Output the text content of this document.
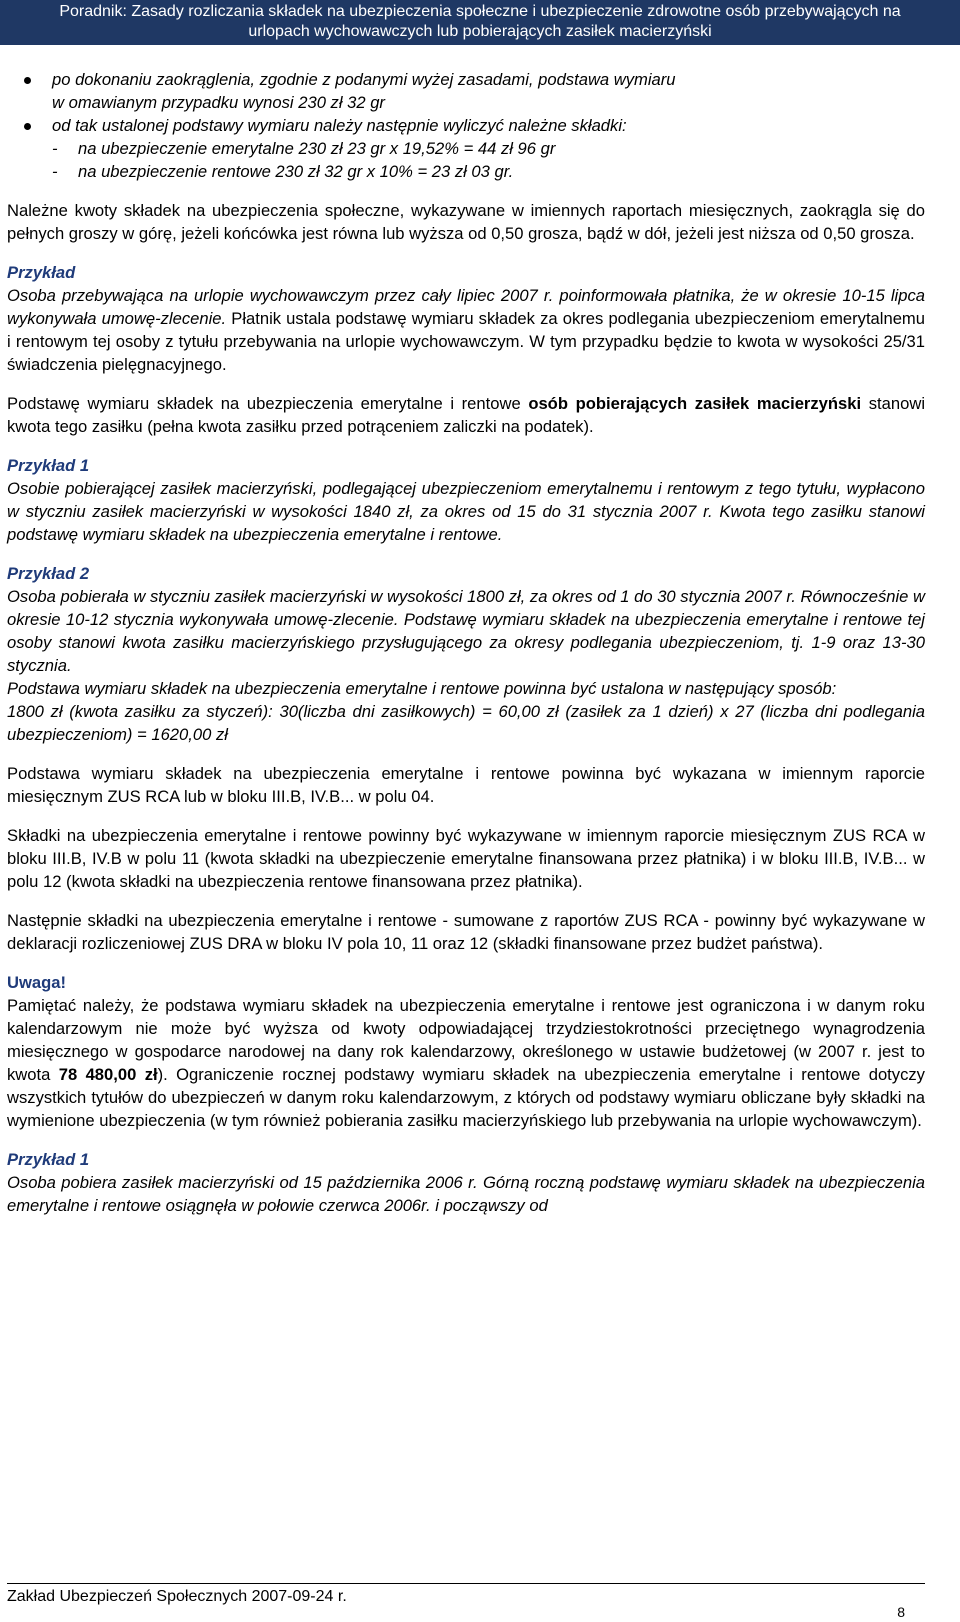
Poradnik: Zasady rozliczania składek na ubezpieczenia społeczne i ubezpieczenie zdrowotne osób przebywających na
urlopach wychowawczych lub pobierających zasiłek macierzyński
po dokonaniu zaokrąglenia, zgodnie z podanymi wyżej zasadami, podstawa wymiaru
w omawianym przypadku wynosi 230 zł 32 gr
od tak ustalonej podstawy wymiaru należy następnie wyliczyć należne składki:
- na ubezpieczenie emerytalne 230 zł 23 gr x 19,52% = 44 zł 96 gr
- na ubezpieczenie rentowe 230 zł 32 gr x 10% = 23 zł 03 gr.

Należne kwoty składek na ubezpieczenia społeczne, wykazywane w imiennych raportach miesięcznych, zaokrągla się do pełnych groszy w górę, jeżeli końcówka jest równa lub wyższa od 0,50 grosza, bądź w dół, jeżeli jest niższa od 0,50 grosza.

Przykład

Osoba przebywająca na urlopie wychowawczym przez cały lipiec 2007 r. poinformowała płatnika, że w okresie 10-15 lipca wykonywała umowę-zlecenie. Płatnik ustala podstawę wymiaru składek za okres podlegania ubezpieczeniom emerytalnemu i rentowym tej osoby z tytułu przebywania na urlopie wychowawczym. W tym przypadku będzie to kwota w wysokości 25/31 świadczenia pielęgnacyjnego.

Podstawę wymiaru składek na ubezpieczenia emerytalne i rentowe osób pobierających zasiłek macierzyński stanowi kwota tego zasiłku (pełna kwota zasiłku przed potrąceniem zaliczki na podatek).

Przykład 1

Osobie pobierającej zasiłek macierzyński, podlegającej ubezpieczeniom emerytalnemu i rentowym z tego tytułu, wypłacono w styczniu zasiłek macierzyński w wysokości 1840 zł, za okres od 15 do 31 stycznia 2007 r. Kwota tego zasiłku stanowi podstawę wymiaru składek na ubezpieczenia emerytalne i rentowe.

Przykład 2

Osoba pobierała w styczniu zasiłek macierzyński w wysokości 1800 zł, za okres od 1 do 30 stycznia 2007 r. Równocześnie w okresie 10-12 stycznia wykonywała umowę-zlecenie. Podstawę wymiaru składek na ubezpieczenia emerytalne i rentowe tej osoby stanowi kwota zasiłku macierzyńskiego przysługującego za okresy podlegania ubezpieczeniom, tj. 1-9 oraz 13-30 stycznia.

Podstawa wymiaru składek na ubezpieczenia emerytalne i rentowe powinna być ustalona w następujący sposób:

1800 zł (kwota zasiłku za styczeń): 30(liczba dni zasiłkowych) = 60,00 zł (zasiłek za 1 dzień) x 27 (liczba dni podlegania ubezpieczeniom) = 1620,00 zł

Podstawa wymiaru składek na ubezpieczenia emerytalne i rentowe powinna być wykazana w imiennym raporcie miesięcznym ZUS RCA lub w bloku III.B, IV.B... w polu 04.

Składki na ubezpieczenia emerytalne i rentowe powinny być wykazywane w imiennym raporcie miesięcznym ZUS RCA w bloku III.B, IV.B w polu 11 (kwota składki na ubezpieczenie emerytalne finansowana przez płatnika) i w bloku III.B, IV.B... w polu 12 (kwota składki na ubezpieczenia rentowe finansowana przez płatnika).

Następnie składki na ubezpieczenia emerytalne i rentowe - sumowane z raportów ZUS RCA - powinny być wykazywane w deklaracji rozliczeniowej ZUS DRA w bloku IV pola 10, 11 oraz 12 (składki finansowane przez budżet państwa).

Uwaga!

Pamiętać należy, że podstawa wymiaru składek na ubezpieczenia emerytalne i rentowe jest ograniczona i w danym roku kalendarzowym nie może być wyższa od kwoty odpowiadającej trzydziestokrotności przeciętnego wynagrodzenia miesięcznego w gospodarce narodowej na dany rok kalendarzowy, określonego w ustawie budżetowej (w 2007 r. jest to kwota 78 480,00 zł). Ograniczenie rocznej podstawy wymiaru składek na ubezpieczenia emerytalne i rentowe dotyczy wszystkich tytułów do ubezpieczeń w danym roku kalendarzowym, z których od podstawy wymiaru obliczane były składki na wymienione ubezpieczenia (w tym również pobierania zasiłku macierzyńskiego lub przebywania na urlopie wychowawczym).

Przykład 1

Osoba pobiera zasiłek macierzyński od 15 października 2006 r. Górną roczną podstawę wymiaru składek na ubezpieczenia emerytalne i rentowe osiągnęła w połowie czerwca 2006r. i począwszy od

Zakład Ubezpieczeń Społecznych 2007-09-24 r.
8
